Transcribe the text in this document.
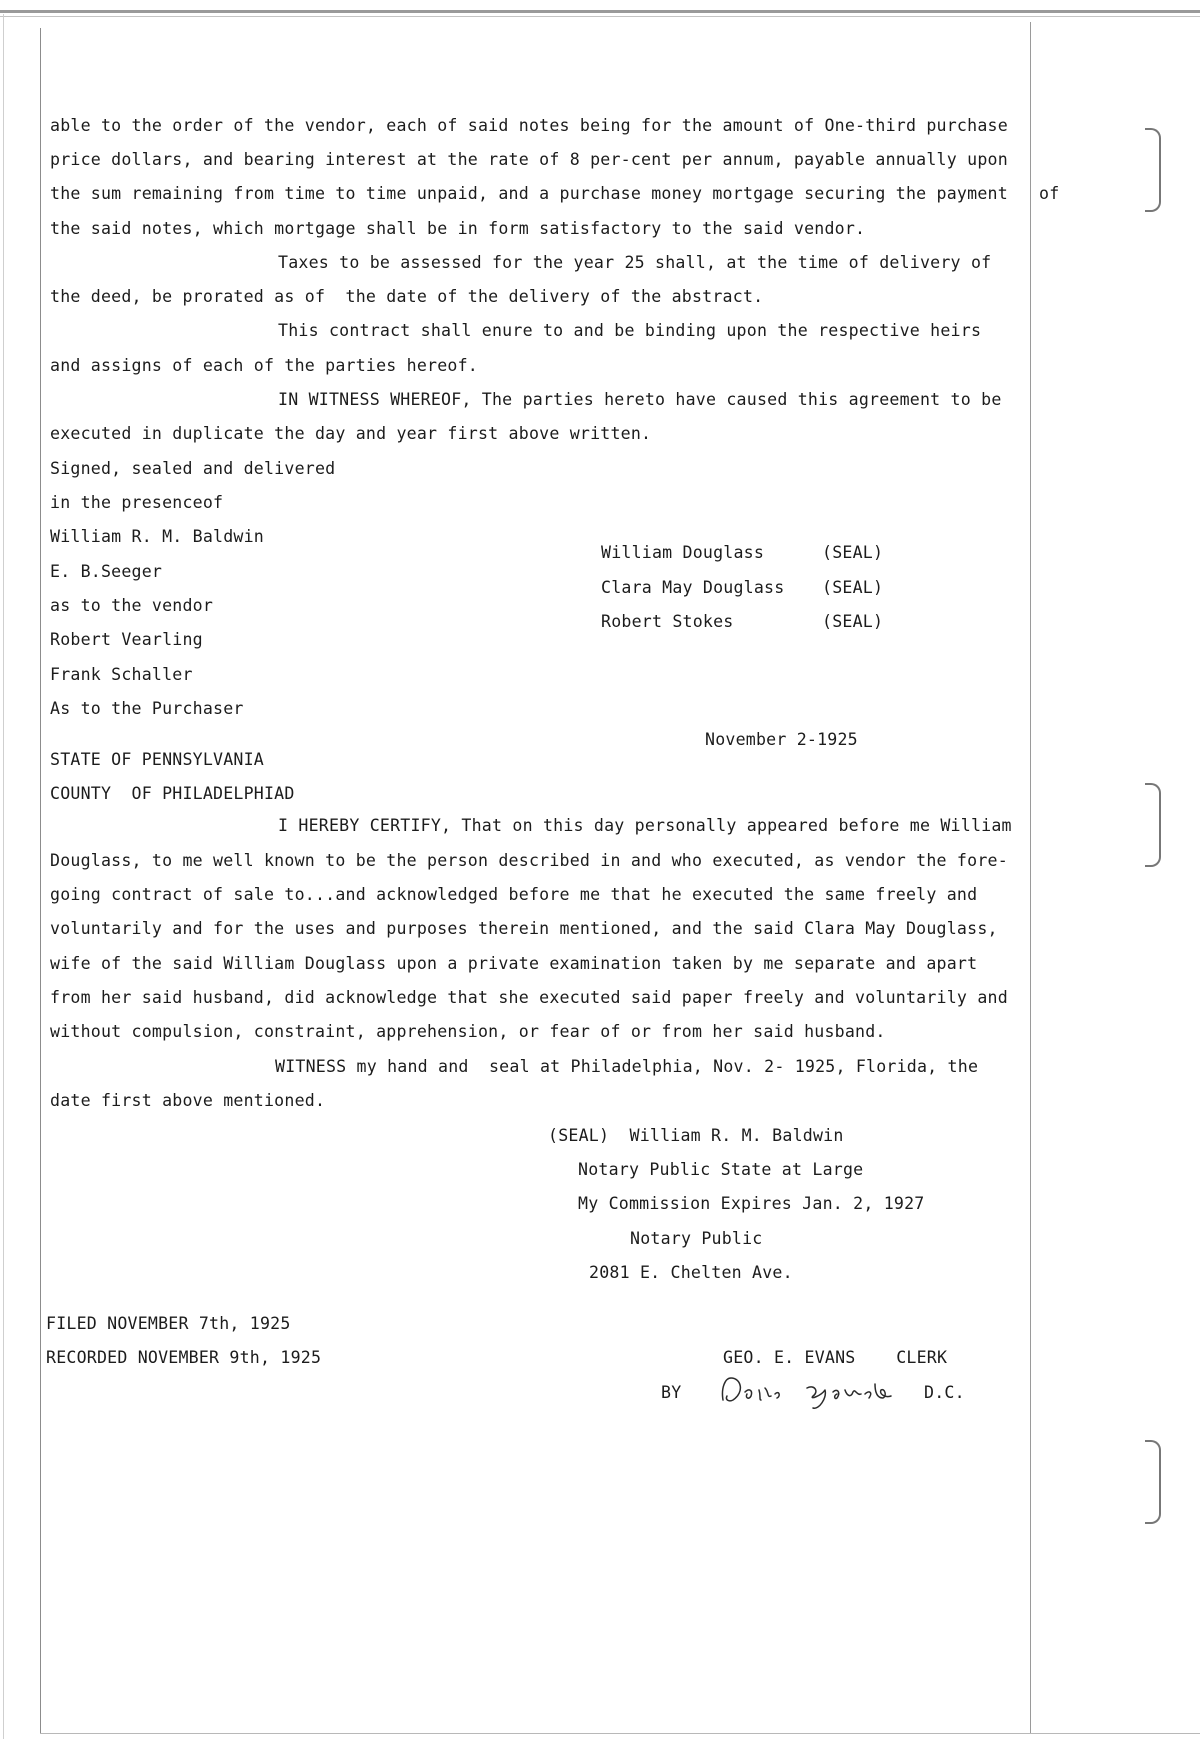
able to the order of the vendor, each of said notes being for the amount of One-third purchase
price dollars, and bearing interest at the rate of 8 per-cent per annum, payable annually upon
the sum remaining from time to time unpaid, and a purchase money mortgage securing the payment of
the said notes, which mortgage shall be in form satisfactory to the said vendor.
Taxes to be assessed for the year 25 shall, at the time of delivery of
the deed, be prorated as of  the date of the delivery of the abstract.
This contract shall enure to and be binding upon the respective heirs
and assigns of each of the parties hereof.
IN WITNESS WHEREOF, The parties hereto have caused this agreement to be
executed in duplicate the day and year first above written.
Signed, sealed and delivered
in the presenceof
William R. M. Baldwin
E. B.Seeger
as to the vendor
Robert Vearling
Frank Schaller
As to the Purchaser
William Douglass	(SEAL)
Clara May Douglass (SEAL)
Robert Stokes	(SEAL)
November 2-1925
STATE OF PENNSYLVANIA
COUNTY  OF PHILADELPHIAD
I HEREBY CERTIFY, That on this day personally appeared before me William
Douglass, to me well known to be the person described in and who executed, as vendor the fore-
going contract of sale to...and acknowledged before me that he executed the same freely and
voluntarily and for the uses and purposes therein mentioned, and the said Clara May Douglass,
wife of the said William Douglass upon a private examination taken by me separate and apart
from her said husband, did acknowledge that she executed said paper freely and voluntarily and
without compulsion, constraint, apprehension, or fear of or from her said husband.
WITNESS my hand and  seal at Philadelphia, Nov. 2- 1925, Florida, the
date first above mentioned.
(SEAL)  William R. M. Baldwin
Notary Public State at Large
My Commission Expires Jan. 2, 1927
Notary Public
2081 E. Chelten Ave.
FILED NOVEMBER 7th, 1925
RECORDED NOVEMBER 9th, 1925	GEO. E. EVANS    CLERK
BY	D.C.
